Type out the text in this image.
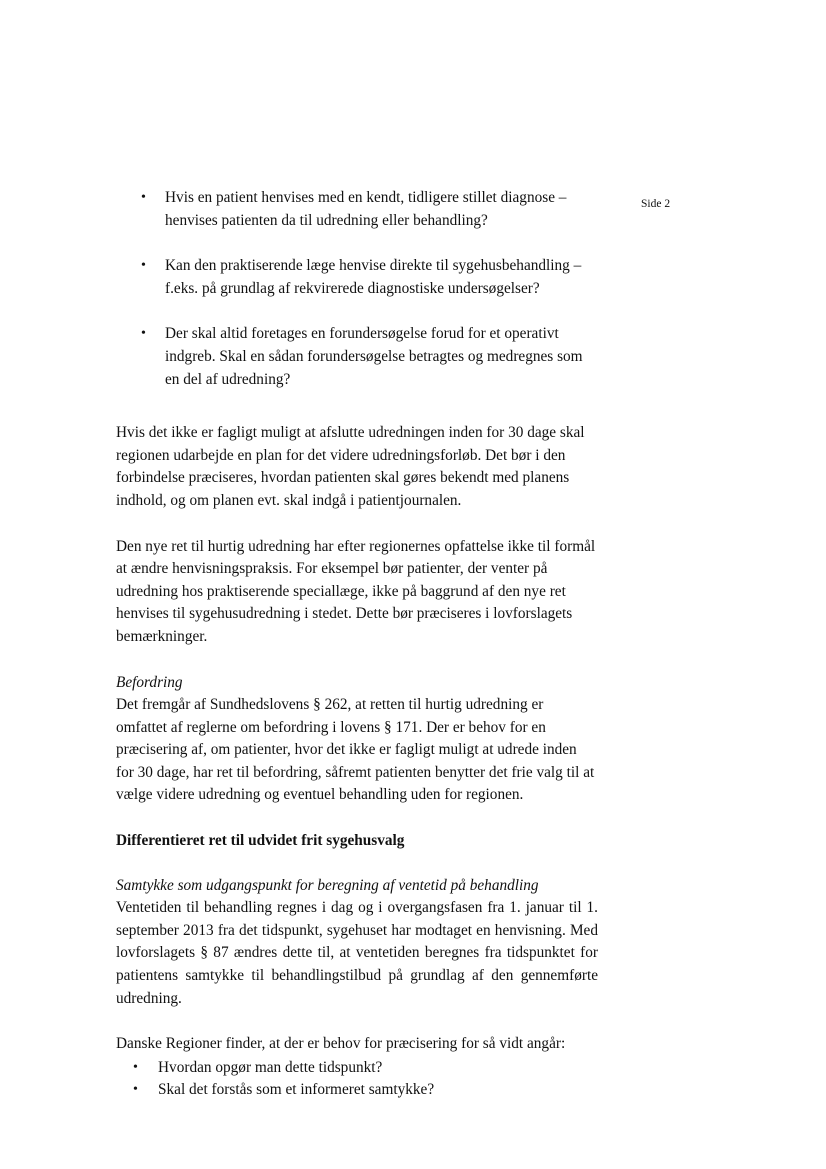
Side 2
• Hvis en patient henvises med en kendt, tidligere stillet diagnose – henvises patienten da til udredning eller behandling?
• Kan den praktiserende læge henvise direkte til sygehusbehandling – f.eks. på grundlag af rekvirerede diagnostiske undersøgelser?
• Der skal altid foretages en forundersøgelse forud for et operativt indgreb. Skal en sådan forundersøgelse betragtes og medregnes som en del af udredning?

Hvis det ikke er fagligt muligt at afslutte udredningen inden for 30 dage skal regionen udarbejde en plan for det videre udredningsforløb. Det bør i den forbindelse præciseres, hvordan patienten skal gøres bekendt med planens indhold, og om planen evt. skal indgå i patientjournalen.

Den nye ret til hurtig udredning har efter regionernes opfattelse ikke til formål at ændre henvisningspraksis. For eksempel bør patienter, der venter på udredning hos praktiserende speciallæge, ikke på baggrund af den nye ret henvises til sygehusudredning i stedet. Dette bør præciseres i lovforslagets bemærkninger.

Befordring

Det fremgår af Sundhedslovens § 262, at retten til hurtig udredning er omfattet af reglerne om befordring i lovens § 171. Der er behov for en præcisering af, om patienter, hvor det ikke er fagligt muligt at udrede inden for 30 dage, har ret til befordring, såfremt patienten benytter det frie valg til at vælge videre udredning og eventuel behandling uden for regionen.

Differentieret ret til udvidet frit sygehusvalg

Samtykke som udgangspunkt for beregning af ventetid på behandling

Ventetiden til behandling regnes i dag og i overgangsfasen fra 1. januar til 1. september 2013 fra det tidspunkt, sygehuset har modtaget en henvisning. Med lovforslagets § 87 ændres dette til, at ventetiden beregnes fra tidspunktet for patientens samtykke til behandlingstilbud på grundlag af den gennemførte udredning.

Danske Regioner finder, at der er behov for præcisering for så vidt angår:

• Hvordan opgør man dette tidspunkt?
• Skal det forstås som et informeret samtykke?
